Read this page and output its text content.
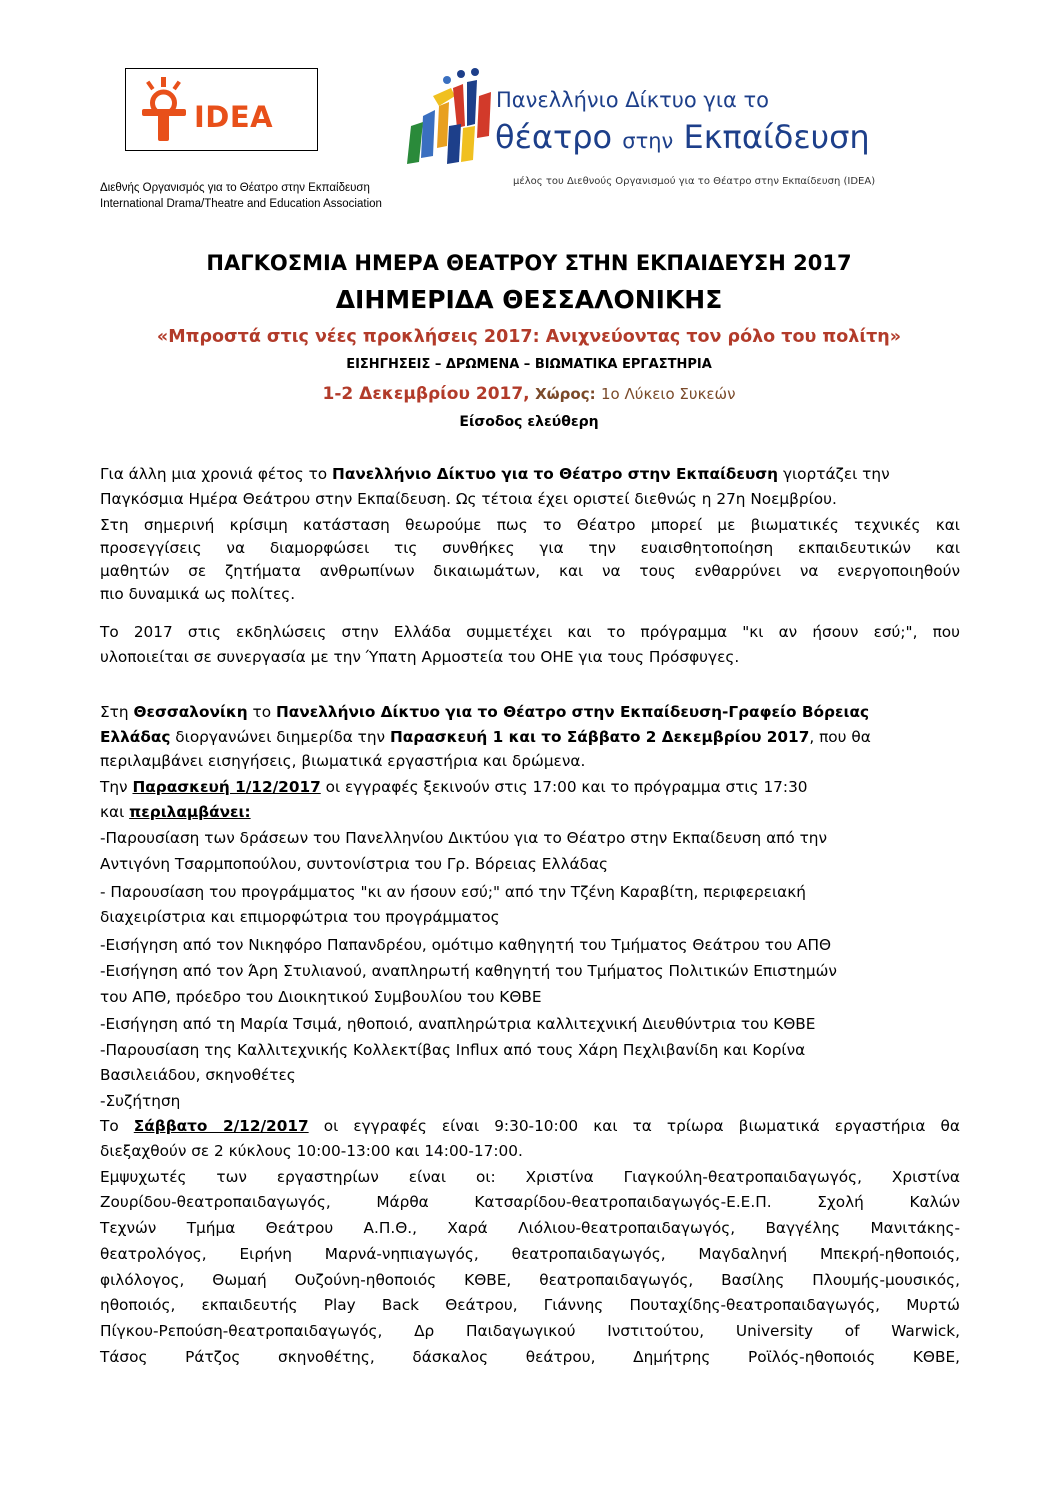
IDEA
Διεθνής Οργανισμός για το Θέατρο στην Εκπαίδευση
International Drama/Theatre and Education Association
Πανελλήνιο Δίκτυο για το
θέατρο στην Εκπαίδευση
μέλος του Διεθνούς Οργανισμού για το Θέατρο στην Εκπαίδευση (IDEA)
ΠΑΓΚΟΣΜΙΑ ΗΜΕΡΑ ΘΕΑΤΡΟΥ ΣΤΗΝ ΕΚΠΑΙΔΕΥΣΗ 2017
ΔΙΗΜΕΡΙΔΑ ΘΕΣΣΑΛΟΝΙΚΗΣ
«Μπροστά στις νέες προκλήσεις 2017: Ανιχνεύοντας τον ρόλο του πολίτη»
ΕΙΣΗΓΗΣΕΙΣ – ΔΡΩΜΕΝΑ – ΒΙΩΜΑΤΙΚΑ ΕΡΓΑΣΤΗΡΙΑ
1-2 Δεκεμβρίου 2017, Χώρος: 1ο Λύκειο Συκεών
Είσοδος ελεύθερη
Για άλλη μια χρονιά φέτος το Πανελλήνιο Δίκτυο για το Θέατρο στην Εκπαίδευση γιορτάζει την
Παγκόσμια Ημέρα Θεάτρου στην Εκπαίδευση. Ως τέτοια έχει οριστεί διεθνώς η 27η Νοεμβρίου.
Στη σημερινή κρίσιμη κατάσταση θεωρούμε πως το Θέατρο μπορεί με βιωματικές τεχνικές και
προσεγγίσεις να διαμορφώσει τις συνθήκες για την ευαισθητοποίηση εκπαιδευτικών και
μαθητών σε ζητήματα ανθρωπίνων δικαιωμάτων, και να τους ενθαρρύνει να ενεργοποιηθούν
πιο δυναμικά ως πολίτες.
Το 2017 στις εκδηλώσεις στην Ελλάδα συμμετέχει και το πρόγραμμα "κι αν ήσουν εσύ;", που
υλοποιείται σε συνεργασία με την Ύπατη Αρμοστεία του ΟΗΕ για τους Πρόσφυγες.
Στη Θεσσαλονίκη το Πανελλήνιο Δίκτυο για το Θέατρο στην Εκπαίδευση-Γραφείο Βόρειας
Ελλάδας διοργανώνει διημερίδα την Παρασκευή 1 και το Σάββατο 2 Δεκεμβρίου 2017, που θα
περιλαμβάνει εισηγήσεις, βιωματικά εργαστήρια και δρώμενα.
Την Παρασκευή 1/12/2017 οι εγγραφές ξεκινούν στις 17:00 και το πρόγραμμα στις 17:30
και περιλαμβάνει:
-Παρουσίαση των δράσεων του Πανελληνίου Δικτύου για το Θέατρο στην Εκπαίδευση από την
Αντιγόνη Τσαρμποπούλου, συντονίστρια του Γρ. Βόρειας Ελλάδας
- Παρουσίαση του προγράμματος "κι αν ήσουν εσύ;" από την Τζένη Καραβίτη, περιφερειακή
διαχειρίστρια και επιμορφώτρια του προγράμματος
-Εισήγηση από τον Νικηφόρο Παπανδρέου, ομότιμο καθηγητή του Τμήματος Θεάτρου του ΑΠΘ
-Εισήγηση από τον Άρη Στυλιανού, αναπληρωτή καθηγητή του Τμήματος Πολιτικών Επιστημών
του ΑΠΘ, πρόεδρο του Διοικητικού Συμβουλίου του ΚΘΒΕ
-Εισήγηση από τη Μαρία Τσιμά, ηθοποιό, αναπληρώτρια καλλιτεχνική Διευθύντρια του ΚΘΒΕ
-Παρουσίαση της Καλλιτεχνικής Κολλεκτίβας Influx από τους Χάρη Πεχλιβανίδη και Κορίνα
Βασιλειάδου, σκηνοθέτες
-Συζήτηση
Το Σάββατο 2/12/2017 οι εγγραφές είναι 9:30-10:00 και τα τρίωρα βιωματικά εργαστήρια θα
διεξαχθούν σε 2 κύκλους 10:00-13:00 και 14:00-17:00.
Εμψυχωτές των εργαστηρίων είναι οι: Χριστίνα Γιαγκούλη-θεατροπαιδαγωγός, Χριστίνα
Ζουρίδου-θεατροπαιδαγωγός, Μάρθα Κατσαρίδου-θεατροπαιδαγωγός-Ε.Ε.Π. Σχολή Καλών
Τεχνών Τμήμα Θεάτρου Α.Π.Θ., Χαρά Λιόλιου-θεατροπαιδαγωγός, Βαγγέλης Μανιτάκης-
θεατρολόγος, Ειρήνη Μαρνά-νηπιαγωγός, θεατροπαιδαγωγός, Μαγδαληνή Μπεκρή-ηθοποιός,
φιλόλογος, Θωμαή Ουζούνη-ηθοποιός ΚΘΒΕ, θεατροπαιδαγωγός, Βασίλης Πλουμής-μουσικός,
ηθοποιός, εκπαιδευτής Play Back Θεάτρου, Γιάννης Πουταχίδης-θεατροπαιδαγωγός, Μυρτώ
Πίγκου-Ρεπούση-θεατροπαιδαγωγός, Δρ Παιδαγωγικού Ινστιτούτου, University of Warwick,
Τάσος Ράτζος σκηνοθέτης, δάσκαλος θεάτρου, Δημήτρης Ροϊλός-ηθοποιός ΚΘΒΕ,
